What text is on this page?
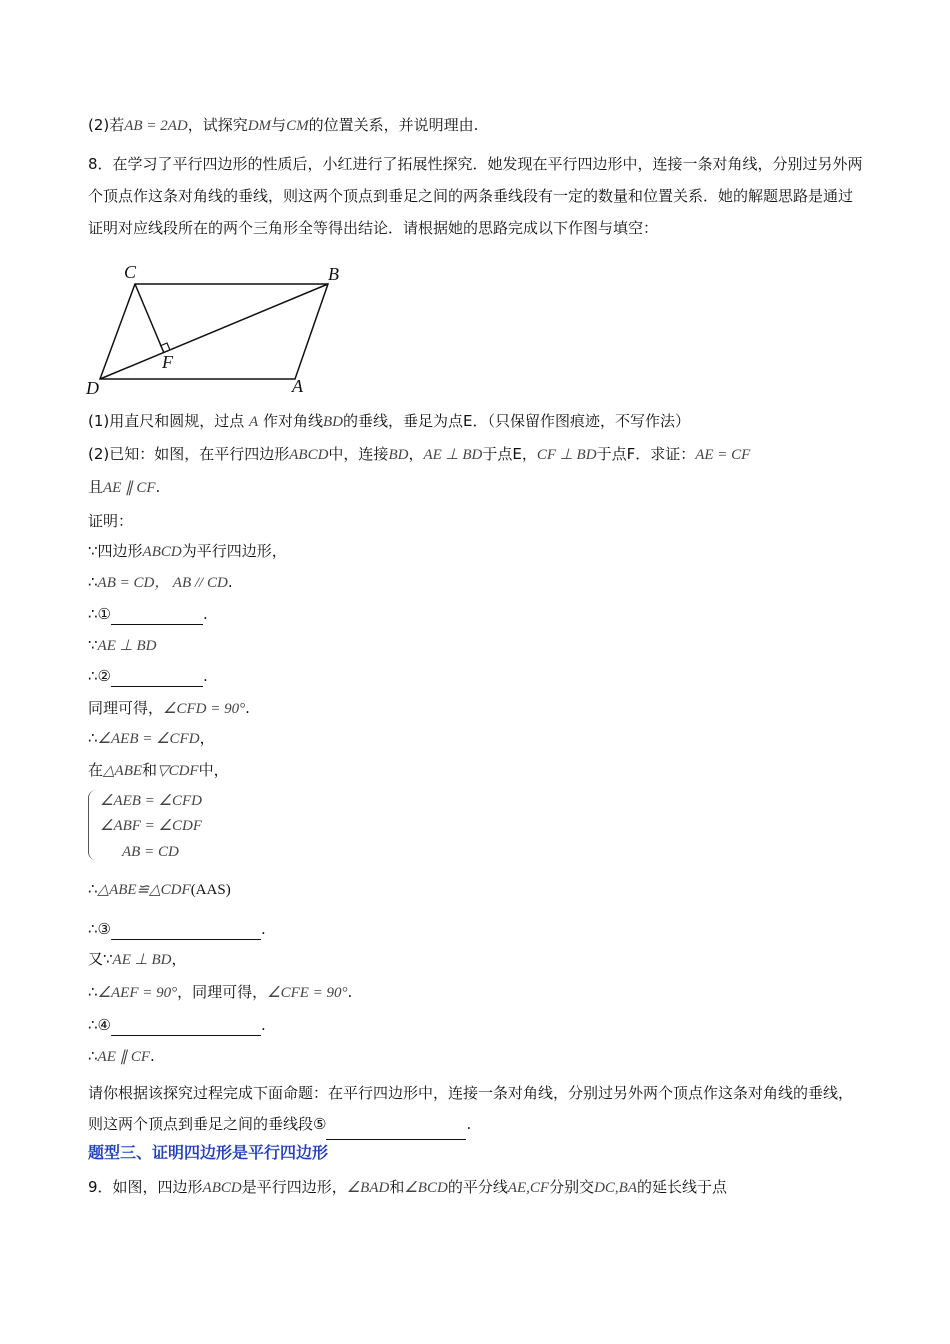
(2)若AB = 2AD，试探究DM与CM的位置关系，并说明理由.
8．在学习了平行四边形的性质后，小红进行了拓展性探究．她发现在平行四边形中，连接一条对角线，分别过另外两个顶点作这条对角线的垂线，则这两个顶点到垂足之间的两条垂线段有一定的数量和位置关系．她的解题思路是通过证明对应线段所在的两个三角形全等得出结论．请根据她的思路完成以下作图与填空：
C	B
F
D	A
(1)用直尺和圆规，过点 A 作对角线BD的垂线，垂足为点E．（只保留作图痕迹，不写作法）
(2)已知：如图，在平行四边形ABCD中，连接BD，AE ⊥ BD于点E，CF ⊥ BD于点F．求证：AE = CF
且AE ∥ CF.
证明：
∵四边形ABCD为平行四边形，
∴AB = CD， AB // CD.
∴①	.
∵AE ⊥ BD
∴②	.
同理可得，∠CFD = 90°.
∴∠AEB = ∠CFD，
在△ABE和▽CDF中，
∠AEB = ∠CFD
∠ABF = ∠CDF
AB = CD
∴△ABE≌△CDF(AAS)
∴③	.
又∵AE ⊥ BD，
∴∠AEF = 90°，同理可得，∠CFE = 90°.
∴④	.
∴AE ∥ CF.
请你根据该探究过程完成下面命题：在平行四边形中，连接一条对角线，分别过另外两个顶点作这条对角线的垂线，则这两个顶点到垂足之间的垂线段⑤	.
题型三、证明四边形是平行四边形
9．如图，四边形ABCD是平行四边形，∠BAD和∠BCD的平分线AE,CF分别交DC,BA的延长线于点
